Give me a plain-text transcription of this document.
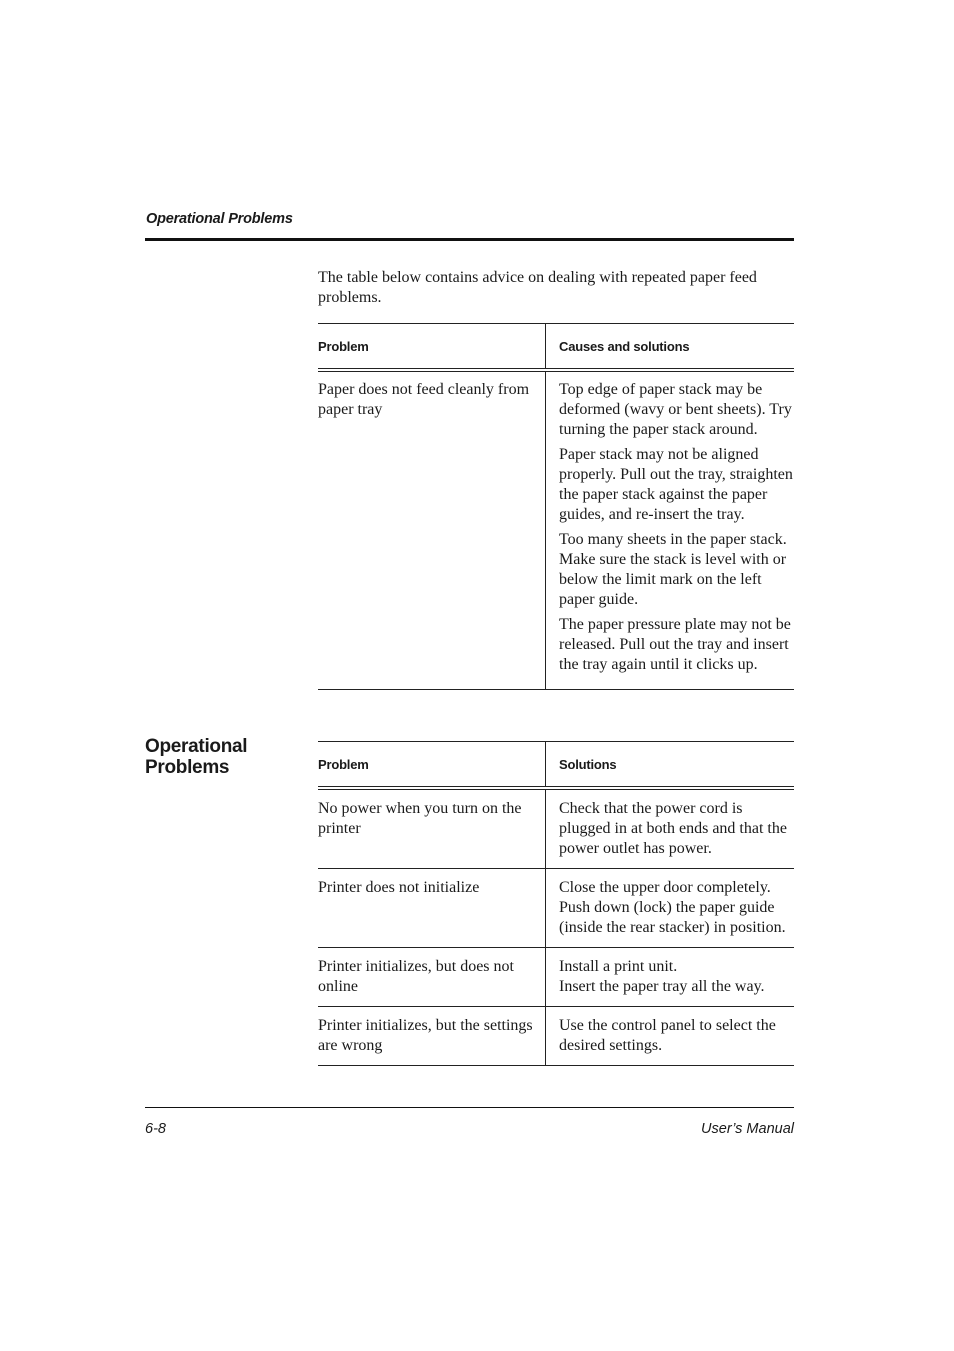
Operational Problems
The table below contains advice on dealing with repeated paper feed problems.
Problem	Causes and solutions
Paper does not feed cleanly from paper tray	Top edge of paper stack may be deformed (wavy or bent sheets). Try turning the paper stack around.

Paper stack may not be aligned properly. Pull out the tray, straighten the paper stack against the paper guides, and re-insert the tray.

Too many sheets in the paper stack. Make sure the stack is level with or below the limit mark on the left paper guide.

The paper pressure plate may not be released. Pull out the tray and insert the tray again until it clicks up.

Operational Problems	Problem	Solutions
No power when you turn on the printer	Check that the power cord is plugged in at both ends and that the power outlet has power.
Printer does not initialize	Close the upper door completely. Push down (lock) the paper guide (inside the rear stacker) in position.
Printer initializes, but does not online	Install a print unit.
Insert the paper tray all the way.
Printer initializes, but the settings are wrong	Use the control panel to select the desired settings.
6-8	User’s Manual
